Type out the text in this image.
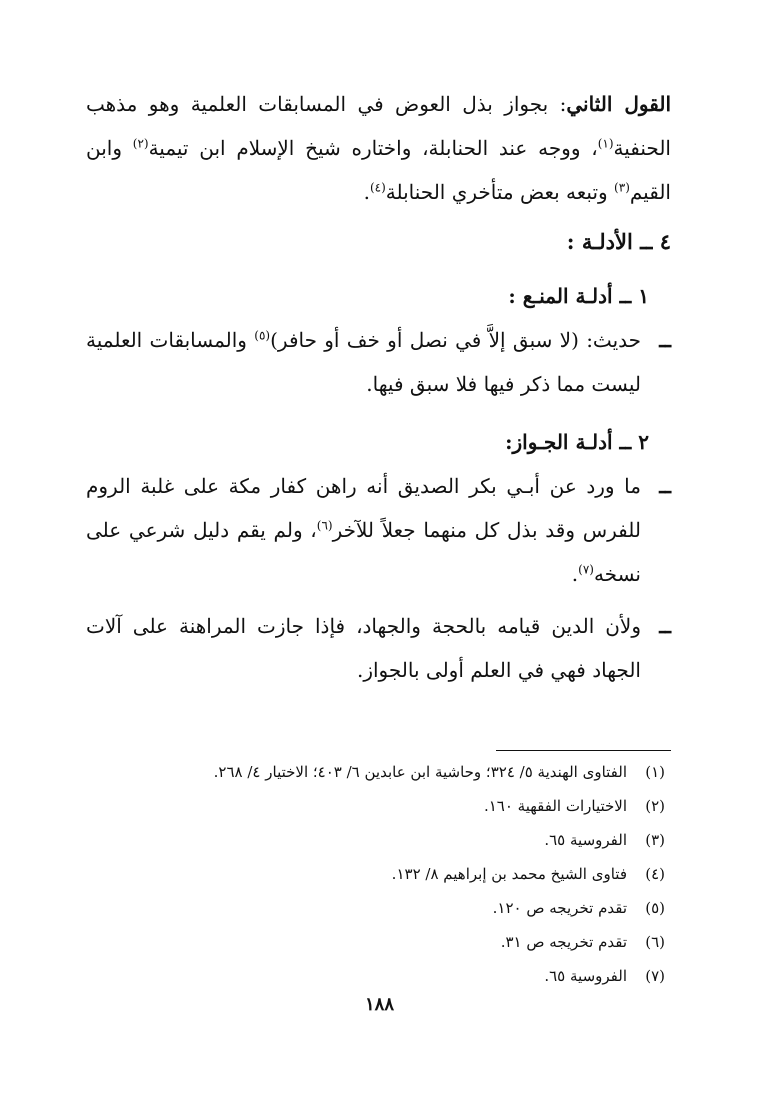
القول الثاني: بجواز بذل العوض في المسابقات العلمية وهو مذهب الحنفية$^{(١)}$، ووجه عند الحنابلة، واختاره شيخ الإسلام ابن تيمية$^{(٢)}$ وابن القيم$^{(٣)}$ وتبعه بعض متأخري الحنابلة$^{(٤)}$.

٤ ــ الأدلـة :

١ ــ أدلـة المنـع :

ــ
حديث: (لا سبق إلاَّ في نصل أو خف أو حافر)$^{(٥)}$ والمسابقات العلمية ليست مما ذكر فيها فلا سبق فيها.

٢ ــ أدلـة الجـواز:

ــ
ما ورد عن أبـي بكر الصديق أنه راهن كفار مكة على غلبة الروم للفرس وقد بذل كل منهما جعلاً للآخر$^{(٦)}$، ولم يقم دليل شرعي على نسخه$^{(٧)}$.
ــ
ولأن الدين قيامه بالحجة والجهاد، فإذا جازت المراهنة على آلات الجهاد فهي في العلم أولى بالجواز.
(١)
الفتاوى الهندية ٥/ ٣٢٤؛ وحاشية ابن عابدين ٦/ ٤٠٣؛ الاختيار ٤/ ٢٦٨.
(٢)
الاختيارات الفقهية ١٦٠.
(٣)
الفروسية ٦٥.
(٤)
فتاوى الشيخ محمد بن إبراهيم ٨/ ١٣٢.
(٥)
تقدم تخريجه ص ١٢٠.
(٦)
تقدم تخريجه ص ٣١.
(٧)
الفروسية ٦٥.
١٨٨
